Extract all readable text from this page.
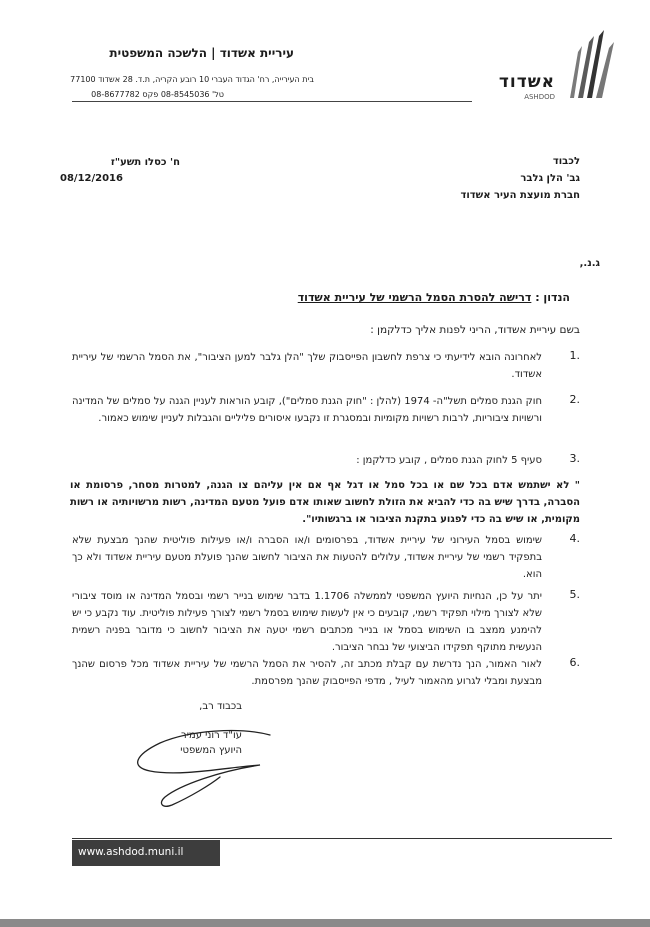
עיריית אשדוד | הלשכה המשפטית
בית העירייה, רח' הגדוד העברי 10 רובע הקריה, ת.ד. 28 אשדוד 77100
טל' 08-8545036 פקס 08-8677782
אשדוד
ASHDOD
ח' כסלו תשע"ז
08/12/2016
לכבוד
גב' הלן גלבר
חברת מועצת העיר אשדוד
ג.נ.,
הנדון : דרישה להסרת הסמל הרשמי של עיריית אשדוד
בשם עיריית אשדוד, הריני לפנות אליך כדלקמן :
1.
לאחרונה הובא לידיעתי כי צרפת לחשבון הפייסבוק שלך "הלן גלבר למען הציבור", את הסמל הרשמי של עיריית אשדוד.
2.
חוק הגנת סמלים תשל"ה- 1974 (להלן : "חוק הגנת סמלים"), קובע הוראות לעניין הגנה על סמלים של המדינה ורשויות ציבוריות, לרבות רשויות מקומיות ובמסגרת זו נקבעו איסורים פליליים והגבלות לעניין שימוש כאמור.
3.
סעיף 5 לחוק הגנת סמלים , קובע כדלקמן :
" לא ישתמש אדם בכל שם או בכל סמל או דגל אף אם אין עליהם צו הגנה, למטרות מסחר, פרסומת או הסברה, בדרך שיש בה כדי להביא את הזולת לחשוב שאותו אדם פועל מטעם המדינה, רשות מרשויותיה או רשות מקומית, או שיש בה כדי לפגוע בתקנת הציבור או ברגשותיו".
4.
שימוש בסמל העירוני של עיריית אשדוד, בפרסומים ו/או הסברה ו/או פעילות פוליטית שהנך מבצעת שלא בתפקיד רשמי של עיריית אשדוד, עלולים להטעות את הציבור לחשוב שהנך פועלת מטעם עיריית אשדוד ולא כך הוא.
5.
יתר על כן, הנחיות היועץ המשפטי לממשלה 1.1706 בדבר שימוש בנייר רשמי ובסמל המדינה או מוסד ציבורי שלא לצורך מילוי תפקיד רשמי, קובעים כי אין לעשות שימוש בסמל רשמי לצורך פעילות פוליטית. עוד נקבע כי יש להימנע ממצב בו השימוש בסמל או בנייר מכתבים רשמי יטעה את הציבור לחשוב כי מדובר בפניה רשמית הנעשית מתוקף תפקידו הביצועי של נבחר הציבור.
6.
לאור האמור, הנך נדרשת עם קבלת מכתב זה, להסיר את הסמל הרשמי של עיריית אשדוד מכל פרסום שהנך מבצעת ומבלי לגרוע מהאמור לעיל , מדפי הפייסבוק שהנך מפרסמת.
בכבוד רב,
עו"ד רוני עמיר
היועץ המשפטי
www.ashdod.muni.il
